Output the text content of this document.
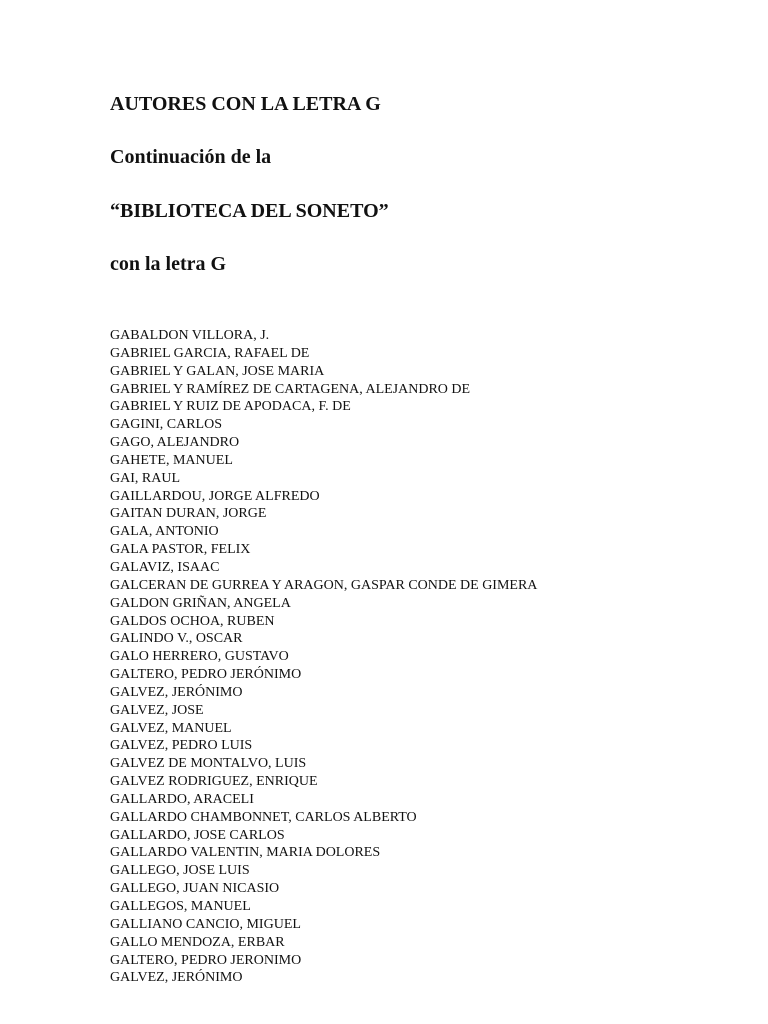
AUTORES CON LA LETRA G
Continuación de la
“BIBLIOTECA DEL SONETO”
con la letra G
GABALDON VILLORA, J.
GABRIEL GARCIA, RAFAEL DE
GABRIEL Y GALAN, JOSE MARIA
GABRIEL Y RAMÍREZ DE CARTAGENA, ALEJANDRO DE
GABRIEL Y RUIZ DE APODACA, F. DE
GAGINI, CARLOS
GAGO, ALEJANDRO
GAHETE, MANUEL
GAI, RAUL
GAILLARDOU, JORGE ALFREDO
GAITAN DURAN, JORGE
GALA, ANTONIO
GALA PASTOR, FELIX
GALAVIZ, ISAAC
GALCERAN DE GURREA Y ARAGON, GASPAR CONDE DE GIMERA
GALDON GRIÑAN, ANGELA
GALDOS OCHOA, RUBEN
GALINDO V., OSCAR
GALO HERRERO, GUSTAVO
GALTERO, PEDRO JERÓNIMO
GALVEZ, JERÓNIMO
GALVEZ, JOSE
GALVEZ, MANUEL
GALVEZ, PEDRO LUIS
GALVEZ DE MONTALVO, LUIS
GALVEZ RODRIGUEZ, ENRIQUE
GALLARDO, ARACELI
GALLARDO CHAMBONNET, CARLOS ALBERTO
GALLARDO, JOSE CARLOS
GALLARDO VALENTIN, MARIA DOLORES
GALLEGO, JOSE LUIS
GALLEGO, JUAN NICASIO
GALLEGOS, MANUEL
GALLIANO CANCIO, MIGUEL
GALLO MENDOZA, ERBAR
GALTERO, PEDRO JERONIMO
GALVEZ, JERÓNIMO
